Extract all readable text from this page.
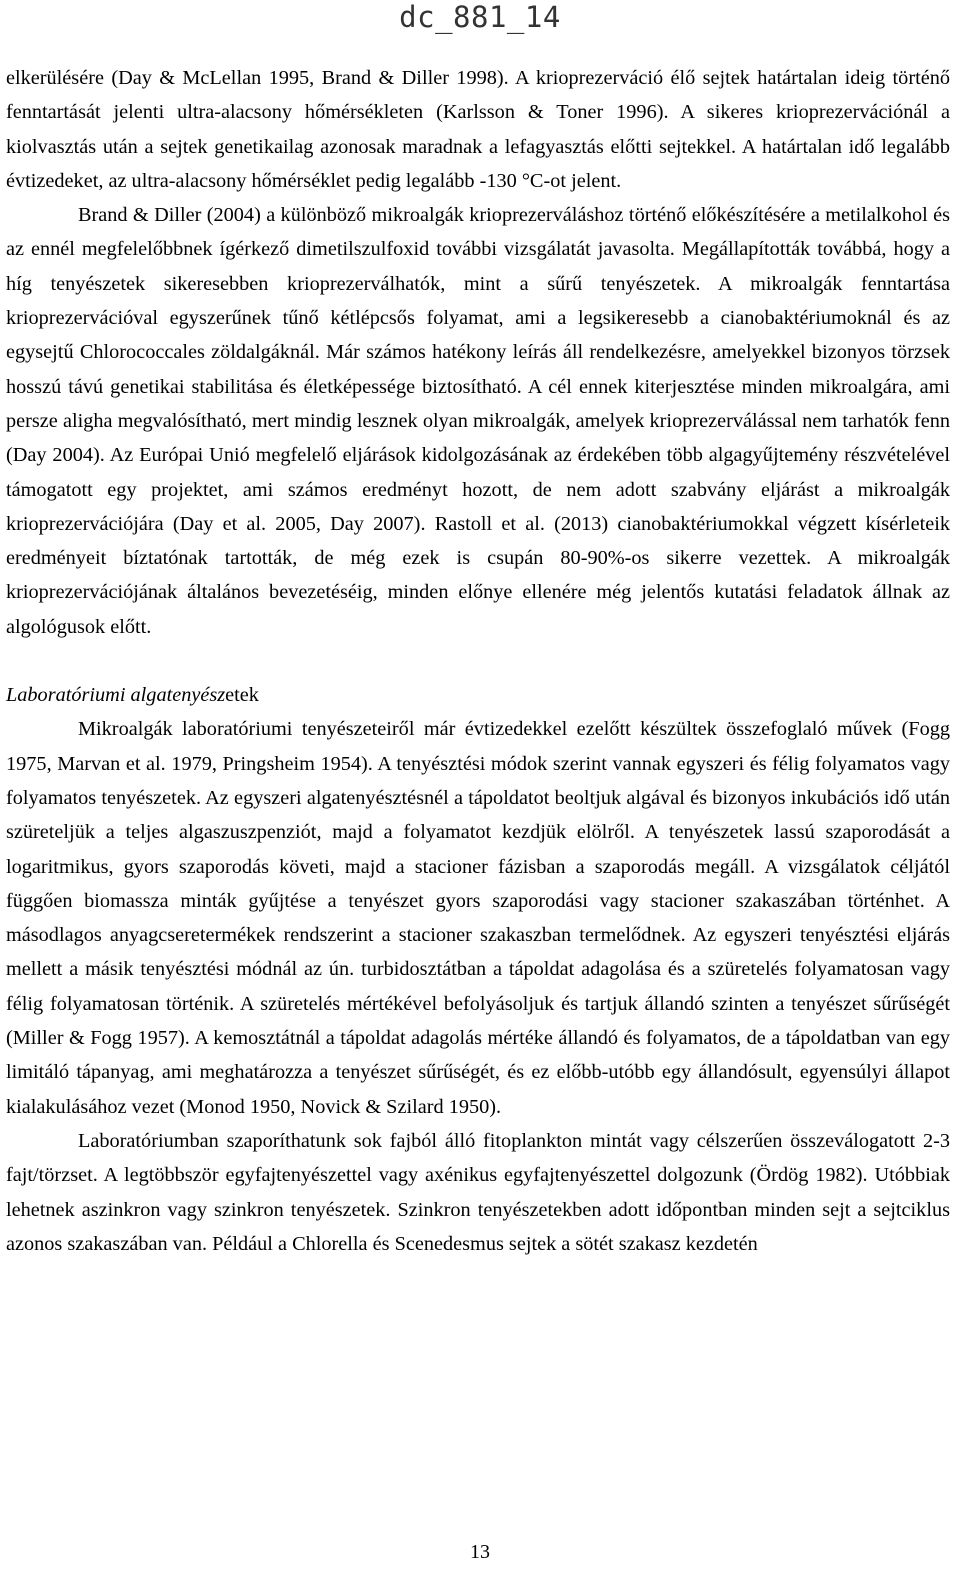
dc_881_14

elkerülésére (Day & McLellan 1995, Brand & Diller 1998). A krioprezerváció élő sejtek határtalan ideig történő fenntartását jelenti ultra-alacsony hőmérsékleten (Karlsson & Toner 1996). A sikeres krioprezervációnál a kiolvasztás után a sejtek genetikailag azonosak maradnak a lefagyasztás előtti sejtekkel. A határtalan idő legalább évtizedeket, az ultra-alacsony hőmérséklet pedig legalább -130 °C-ot jelent.

Brand & Diller (2004) a különböző mikroalgák krioprezerváláshoz történő előkészítésére a metilalkohol és az ennél megfelelőbbnek ígérkező dimetilszulfoxid további vizsgálatát javasolta. Megállapították továbbá, hogy a híg tenyészetek sikeresebben krioprezerválhatók, mint a sűrű tenyészetek. A mikroalgák fenntartása krioprezervációval egyszerűnek tűnő kétlépcsős folyamat, ami a legsikeresebb a cianobaktériumoknál és az egysejtű Chlorococcales zöldalgáknál. Már számos hatékony leírás áll rendelkezésre, amelyekkel bizonyos törzsek hosszú távú genetikai stabilitása és életképessége biztosítható. A cél ennek kiterjesztése minden mikroalgára, ami persze aligha megvalósítható, mert mindig lesznek olyan mikroalgák, amelyek krioprezerválással nem tarhatók fenn (Day 2004). Az Európai Unió megfelelő eljárások kidolgozásának az érdekében több algagyűjtemény részvételével támogatott egy projektet, ami számos eredményt hozott, de nem adott szabvány eljárást a mikroalgák krioprezervációjára (Day et al. 2005, Day 2007). Rastoll et al. (2013) cianobaktériumokkal végzett kísérleteik eredményeit bíztatónak tartották, de még ezek is csupán 80-90%-os sikerre vezettek. A mikroalgák krioprezervációjának általános bevezetéséig, minden előnye ellenére még jelentős kutatási feladatok állnak az algológusok előtt.

Laboratóriumi algatenyészetek

Mikroalgák laboratóriumi tenyészeteiről már évtizedekkel ezelőtt készültek összefoglaló művek (Fogg 1975, Marvan et al. 1979, Pringsheim 1954). A tenyésztési módok szerint vannak egyszeri és félig folyamatos vagy folyamatos tenyészetek. Az egyszeri algatenyésztésnél a tápoldatot beoltjuk algával és bizonyos inkubációs idő után szüreteljük a teljes algaszuszpenziót, majd a folyamatot kezdjük elölről. A tenyészetek lassú szaporodását a logaritmikus, gyors szaporodás követi, majd a stacioner fázisban a szaporodás megáll. A vizsgálatok céljától függően biomassza minták gyűjtése a tenyészet gyors szaporodási vagy stacioner szakaszában történhet. A másodlagos anyagcseretermékek rendszerint a stacioner szakaszban termelődnek. Az egyszeri tenyésztési eljárás mellett a másik tenyésztési módnál az ún. turbidosztátban a tápoldat adagolása és a szüretelés folyamatosan vagy félig folyamatosan történik. A szüretelés mértékével befolyásoljuk és tartjuk állandó szinten a tenyészet sűrűségét (Miller & Fogg 1957). A kemosztátnál a tápoldat adagolás mértéke állandó és folyamatos, de a tápoldatban van egy limitáló tápanyag, ami meghatározza a tenyészet sűrűségét, és ez előbb-utóbb egy állandósult, egyensúlyi állapot kialakulásához vezet (Monod 1950, Novick & Szilard 1950).

Laboratóriumban szaporíthatunk sok fajból álló fitoplankton mintát vagy célszerűen összeválogatott 2-3 fajt/törzset. A legtöbbször egyfajtenyészettel vagy axénikus egyfajtenyészettel dolgozunk (Ördög 1982). Utóbbiak lehetnek aszinkron vagy szinkron tenyészetek. Szinkron tenyészetekben adott időpontban minden sejt a sejtciklus azonos szakaszában van. Például a Chlorella és Scenedesmus sejtek a sötét szakasz kezdetén

13
